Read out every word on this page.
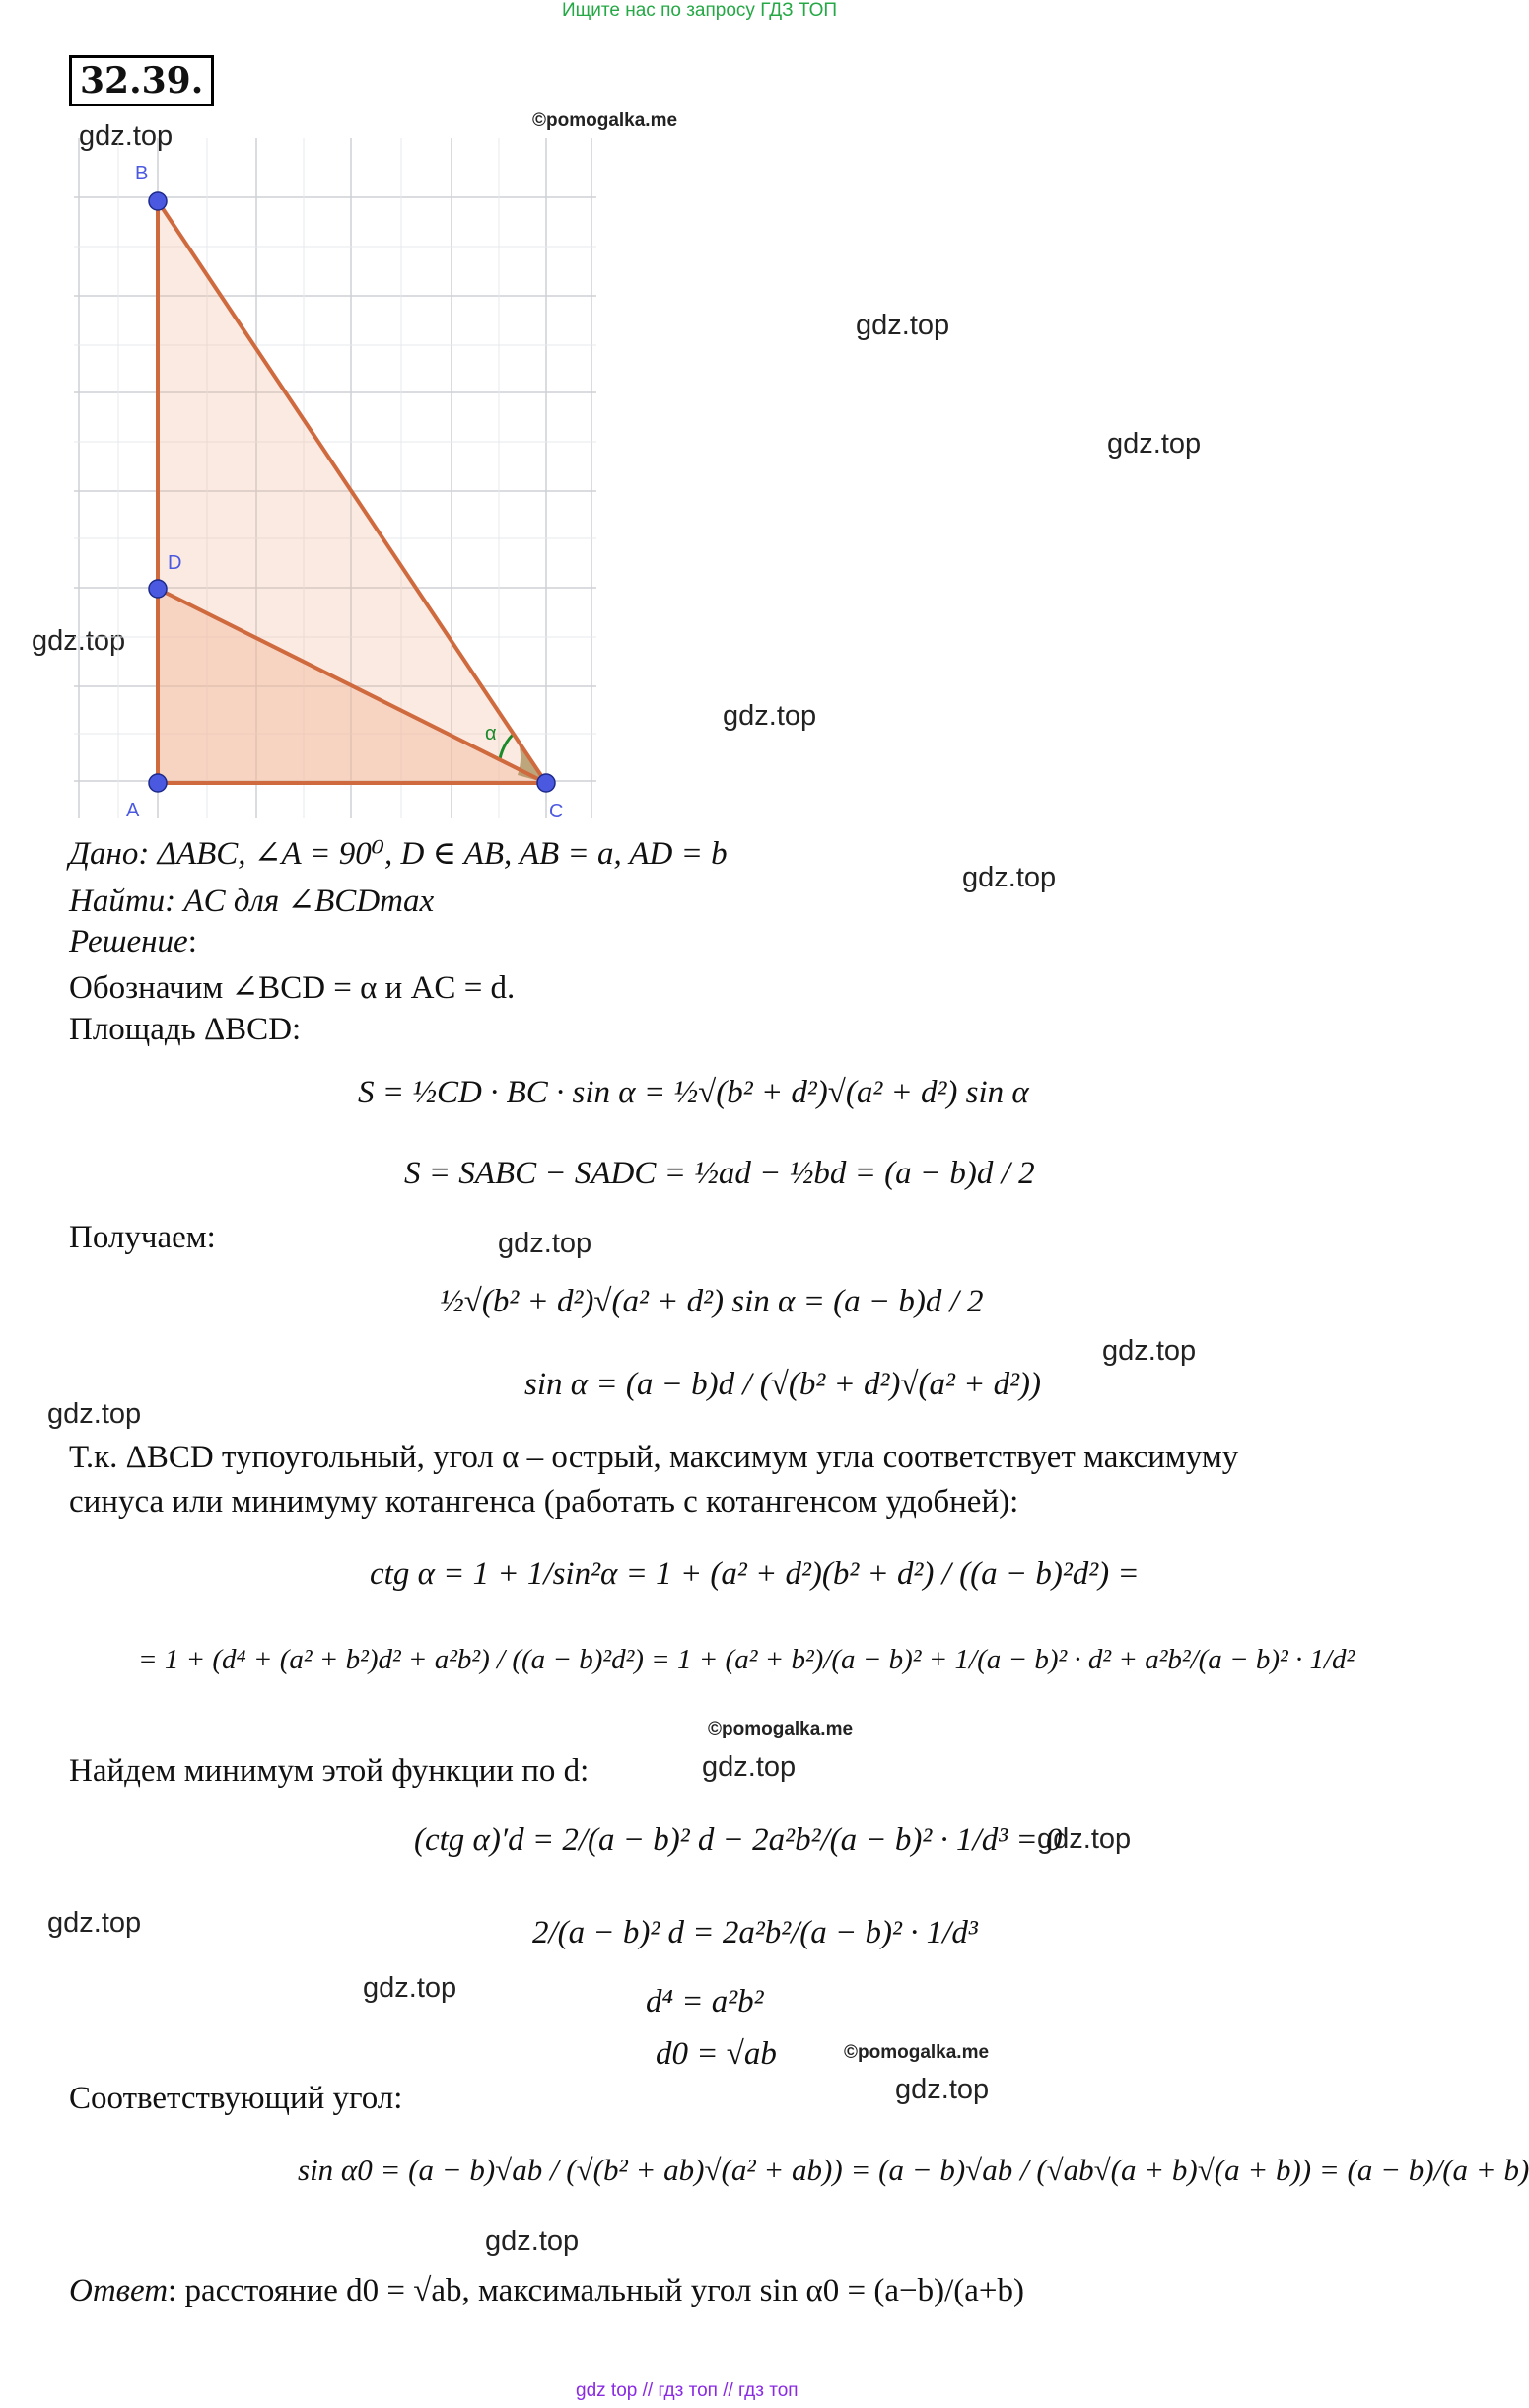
Ищите нас по запросу ГДЗ ТОП
32.39.
gdz.top	©pomogalka.me
gdz.top
gdz.top
gdz.top
gdz.top
gdz.top
gdz.top
gdz.top
gdz.top
©pomogalka.me
gdz.top
gdz.top
gdz.top
gdz.top
©pomogalka.me
gdz.top
gdz.top
B
D
A	C
α
Дано: ΔABC, ∠A = 90⁰, D ∈ AB, AB = a, AD = b
Найти: AC для ∠BCDmax
Решение:
Обозначим ∠BCD = α и AC = d.
Площадь ΔBCD:
S = ½CD · BC · sin α = ½√(b² + d²)√(a² + d²) sin α
S = SABC − SADC = ½ad − ½bd = (a − b)d / 2
Получаем:
½√(b² + d²)√(a² + d²) sin α = (a − b)d / 2
sin α = (a − b)d / (√(b² + d²)√(a² + d²))
Т.к. ΔBCD тупоугольный, угол α – острый, максимум угла соответствует максимуму
синуса или минимуму котангенса (работать с котангенсом удобней):
ctg α = 1 + 1/sin²α = 1 + (a² + d²)(b² + d²) / ((a − b)²d²) =
= 1 + (d⁴ + (a² + b²)d² + a²b²) / ((a − b)²d²) = 1 + (a² + b²)/(a − b)² + 1/(a − b)² · d² + a²b²/(a − b)² · 1/d²
Найдем минимум этой функции по d:
(ctg α)′d = 2/(a − b)² d − 2a²b²/(a − b)² · 1/d³ = 0
2/(a − b)² d = 2a²b²/(a − b)² · 1/d³
d⁴ = a²b²
d0 = √ab
Соответствующий угол:
sin α0 = (a − b)√ab / (√(b² + ab)√(a² + ab)) = (a − b)√ab / (√ab√(a + b)√(a + b)) = (a − b)/(a + b)
Ответ: расстояние d0 = √ab, максимальный угол sin α0 = (a−b)/(a+b)
gdz top // гдз топ // гдз топ
